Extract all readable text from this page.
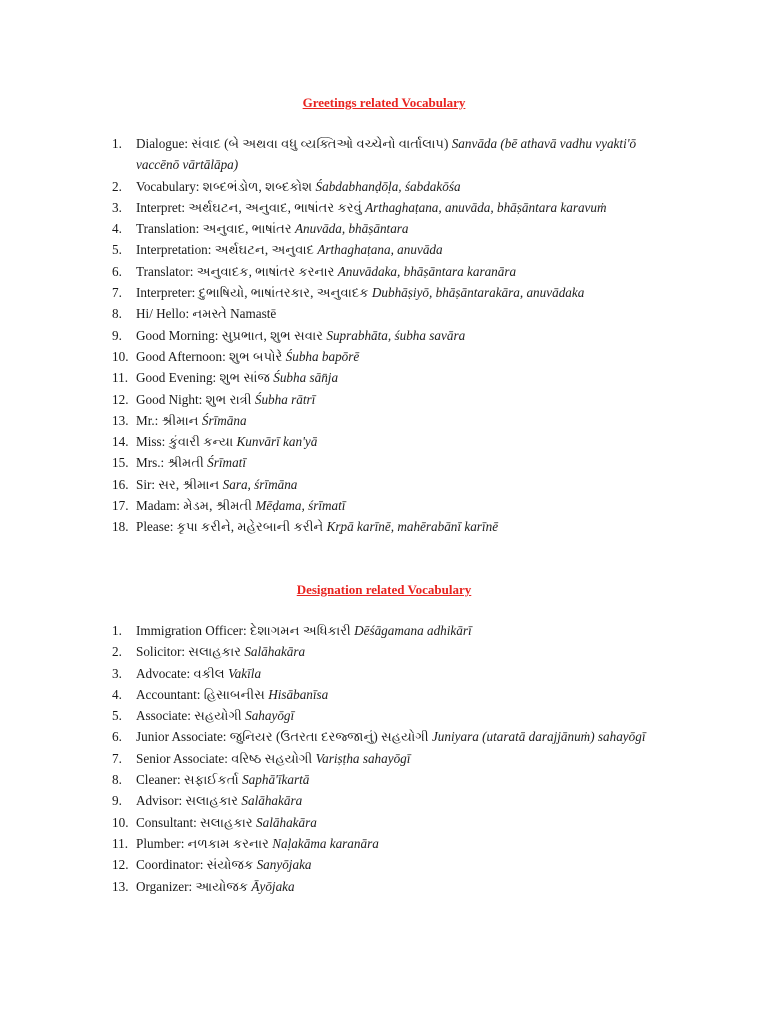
Greetings related Vocabulary
1. Dialogue: સંવાદ (બે અથવા વધુ વ્યક્તિઓ વચ્ચેનો વાર્તાલાપ) Sanvāda (bē athavā vadhu vyakti'ō vaccēnō vārtālāpa)
2. Vocabulary: શબ્દભંડોળ, શબ્દકોશ Śabdabhanḍōḷa, śabdakōśa
3. Interpret: અર્થઘટન, અનુવાદ, ભાષાંતર કરવું Arthaghaṭana, anuvāda, bhāṣāntara karavuṁ
4. Translation: અનુવાદ, ભાષાંતર Anuvāda, bhāṣāntara
5. Interpretation: અર્થઘટન, અનુવાદ Arthaghaṭana, anuvāda
6. Translator: અનુવાદક, ભાષાંતર કરનાર Anuvādaka, bhāṣāntara karanāra
7. Interpreter: દુભાષિયો, ભાષાંતરકાર, અનુવાદક Dubhāṣiyō, bhāṣāntarakāra, anuvādaka
8. Hi/ Hello: નમસ્તે Namastē
9. Good Morning: સુપ્રભાત, શુભ સવાર Suprabhāta, śubha savāra
10. Good Afternoon: શુભ બપોરે Śubha bapōrē
11. Good Evening: શુભ સાંજ Śubha sān̄ja
12. Good Night: શુભ રાત્રી Śubha rātrī
13. Mr.: શ્રીમાન Śrīmāna
14. Miss: કુંવારી કન્યા Kunvārī kan'yā
15. Mrs.: શ્રીમતી Śrīmatī
16. Sir: સર, શ્રીમાન Sara, śrīmāna
17. Madam: મેડમ, શ્રીમતી Mēḍama, śrīmatī
18. Please: કૃપા કરીને, મહેરબાની કરીને Kr̥pā karīnē, mahērabānī karīnē
Designation related Vocabulary
1. Immigration Officer: દેશાગમન અધિકારી Dēśāgamana adhikārī
2. Solicitor: સલાહકાર Salāhakāra
3. Advocate: વકીલ Vakīla
4. Accountant: હિસાબનીસ Hisābanīsa
5. Associate: સહયોગી Sahayōgī
6. Junior Associate: જુનિયર (ઉતરતા દરજ્જાનું) સહયોગી Juniyara (utaratā darajjānuṁ) sahayōgī
7. Senior Associate: વરિષ્ઠ સહયોગી Variṣṭha sahayōgī
8. Cleaner: સફાઈકર્તા Saphā'īkartā
9. Advisor: સલાહકાર Salāhakāra
10. Consultant: સલાહકાર Salāhakāra
11. Plumber: નળકામ કરનાર Naḷakāma karanāra
12. Coordinator: સંયોજક Sanyōjaka
13. Organizer: આયોજક Āyōjaka
